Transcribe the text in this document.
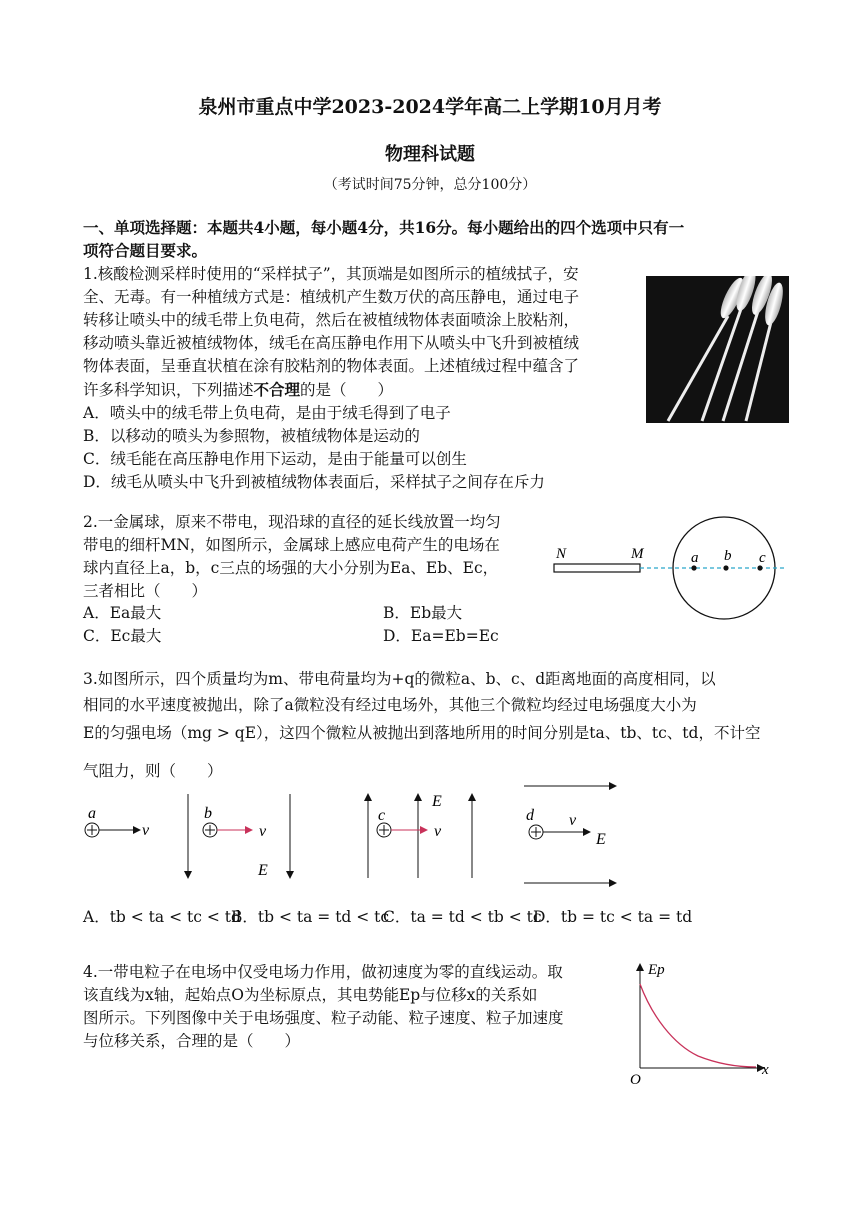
泉州市重点中学2023-2024学年高二上学期10月月考
物理科试题
（考试时间75分钟，总分100分）
一、单项选择题：本题共4小题，每小题4分，共16分。每小题给出的四个选项中只有一
项符合题目要求。
1.核酸检测采样时使用的“采样拭子”，其顶端是如图所示的植绒拭子，安
全、无毒。有一种植绒方式是：植绒机产生数万伏的高压静电，通过电子
转移让喷头中的绒毛带上负电荷，然后在被植绒物体表面喷涂上胶粘剂，
移动喷头靠近被植绒物体，绒毛在高压静电作用下从喷头中飞升到被植绒
物体表面，呈垂直状植在涂有胶粘剂的物体表面。上述植绒过程中蕴含了
许多科学知识，下列描述不合理的是（　　）
A．喷头中的绒毛带上负电荷，是由于绒毛得到了电子
B．以移动的喷头为参照物，被植绒物体是运动的
C．绒毛能在高压静电作用下运动，是由于能量可以创生
D．绒毛从喷头中飞升到被植绒物体表面后，采样拭子之间存在斥力
2.一金属球，原来不带电，现沿球的直径的延长线放置一均匀
带电的细杆MN，如图所示，金属球上感应电荷产生的电场在
球内直径上a，b，c三点的场强的大小分别为Ea、Eb、Ec，
三者相比（　　）
A．Ea最大	B．Eb最大
C．Ec最大	D．Ea=Eb=Ec
N	M	a b c
3.如图所示，四个质量均为m、带电荷量均为+q的微粒a、b、c、d距离地面的高度相同，以
相同的水平速度被抛出，除了a微粒没有经过电场外，其他三个微粒均经过电场强度大小为
E的匀强电场（mg > qE），这四个微粒从被抛出到落地所用的时间分别是ta、tb、tc、td，不计空
气阻力，则（　　）
a
v
b
v
E
c
v
E
d v
E
A．tb < ta < tc < td
B．tb < ta = td < tc
C．ta = td < tb < tc
D．tb = tc < ta = td
4.一带电粒子在电场中仅受电场力作用，做初速度为零的直线运动。取
该直线为x轴，起始点O为坐标原点，其电势能Ep与位移x的关系如
图所示。下列图像中关于电场强度、粒子动能、粒子速度、粒子加速度
与位移关系，合理的是（　　）
Ep
x
O
